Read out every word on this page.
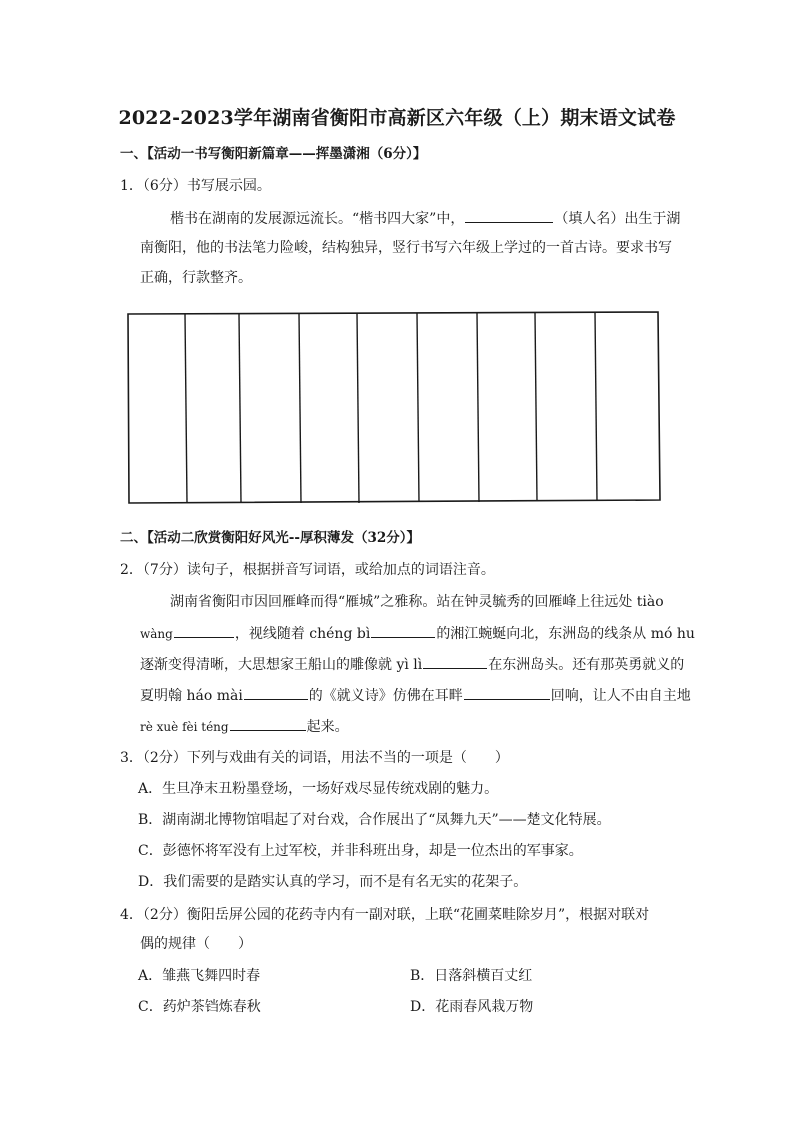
2022-2023学年湖南省衡阳市高新区六年级（上）期末语文试卷
一、【活动一书写衡阳新篇章——挥墨潇湘（6分）】
1．（6分）书写展示园。
楷书在湖南的发展源远流长。“楷书四大家”中，	（填人名）出生于湖
南衡阳，他的书法笔力险峻，结构独异，竖行书写六年级上学过的一首古诗。要求书写
正确，行款整齐。
二、【活动二欣赏衡阳好风光--厚积薄发（32分）】
2．（7分）读句子，根据拼音写词语，或给加点的词语注音。
湖南省衡阳市因回雁峰而得“雁城”之雅称。站在钟灵毓秀的回雁峰上往远处 tiào
wàng	，视线随着 chéng bì	的湘江蜿蜒向北，东洲岛的线条从 mó hu
逐渐变得清晰，大思想家王船山的雕像就 yì lì	在东洲岛头。还有那英勇就义的
夏明翰 háo mài	的《就义诗》仿佛在耳畔	回响，让人不由自主地
rè xuè fèi téng	起来。
3．（2分）下列与戏曲有关的词语，用法不当的一项是（　　）
A．生旦净末丑粉墨登场，一场好戏尽显传统戏剧的魅力。
B．湖南湖北博物馆唱起了对台戏，合作展出了“凤舞九天”——楚文化特展。
C．彭德怀将军没有上过军校，并非科班出身，却是一位杰出的军事家。
D．我们需要的是踏实认真的学习，而不是有名无实的花架子。
4．（2分）衡阳岳屏公园的花药寺内有一副对联，上联“花圃菜畦除岁月”，根据对联对
偶的规律（　　）
A．雏燕飞舞四时春	B．日落斜横百丈红
C．药炉茶铛炼春秋	D．花雨春风栽万物
